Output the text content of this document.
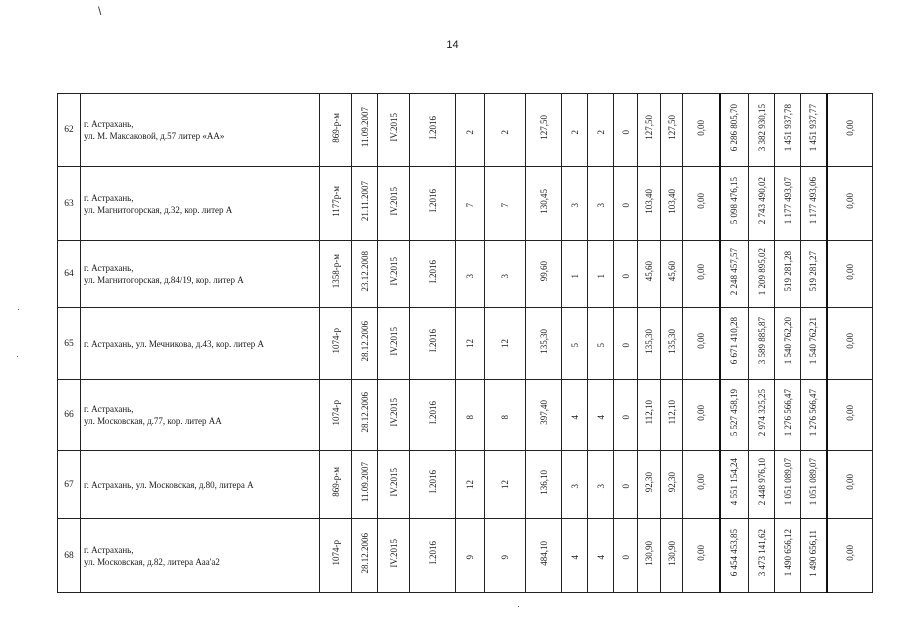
\
14
62	г. Астрахань,
ул. М. Максаковой, д.57 литер «АА»	869-р-м	11.09.2007	IV.2015	I.2016	2	2	127,50	2	2	0	127,50	127,50	0,00	6 286 805,70	3 382 930,15	1 451 937,78	1 451 937,77	0,00
63	г. Астрахань,
ул. Магнитогорская, д.32, кор. литер А	1177р-м	21.11.2007	IV.2015	I.2016	7	7	130,45	3	3	0	103,40	103,40	0,00	5 098 476,15	2 743 490,02	1 177 493,07	1 177 493,06	0,00
64	г. Астрахань,
ул. Магнитогорская, д.84/19, кор. литер А	1358-р-м	23.12.2008	IV.2015	I.2016	3	3	99,60	1	1	0	45,60	45,60	0,00	2 248 457,57	1 209 895,02	519 281,28	519 281,27	0,00
65	г. Астрахань, ул. Мечникова, д.43, кор. литер А	1074-р	28.12.2006	IV.2015	I.2016	12	12	135,30	5	5	0	135,30	135,30	0,00	6 671 410,28	3 589 885,87	1 540 762,20	1 540 762,21	0,00
66	г. Астрахань,
ул. Московская, д.77, кор. литер АА	1074-р	28.12.2006	IV.2015	I.2016	8	8	397,40	4	4	0	112,10	112,10	0,00	5 527 458,19	2 974 325,25	1 276 566,47	1 276 566,47	0,00
67	г. Астрахань, ул. Московская, д.80, литера А	869-р-м	11.09.2007	IV.2015	I.2016	12	12	136,10	3	3	0	92,30	92,30	0,00	4 551 154,24	2 448 976,10	1 051 089,07	1 051 089,07	0,00
68	г. Астрахань,
ул. Московская, д.82, литера Ааа'а2	1074-р	28.12.2006	IV.2015	I.2016	9	9	484,10	4	4	0	130,90	130,90	0,00	6 454 453,85	3 473 141,62	1 490 656,12	1 490 656,11	0,00
